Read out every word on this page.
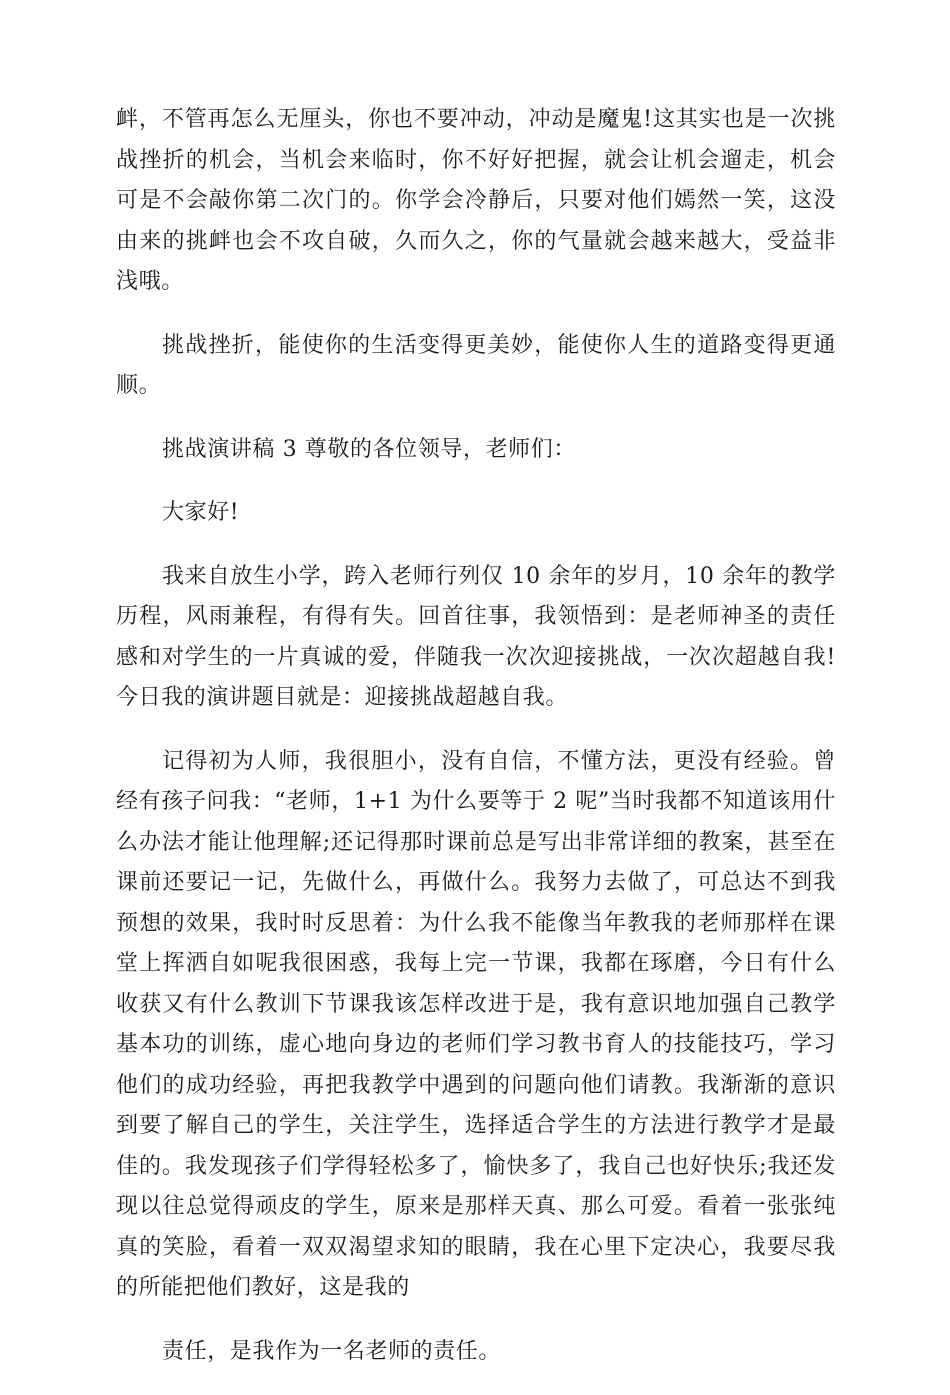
衅，不管再怎么无厘头，你也不要冲动，冲动是魔鬼!这其实也是一次挑战挫折的机会，当机会来临时，你不好好把握，就会让机会遛走，机会可是不会敲你第二次门的。你学会冷静后，只要对他们嫣然一笑，这没由来的挑衅也会不攻自破，久而久之，你的气量就会越来越大，受益非浅哦。

挑战挫折，能使你的生活变得更美妙，能使你人生的道路变得更通顺。

挑战演讲稿 3 尊敬的各位领导，老师们：

大家好!

我来自放生小学，跨入老师行列仅 10 余年的岁月，10 余年的教学历程，风雨兼程，有得有失。回首往事，我领悟到：是老师神圣的责任感和对学生的一片真诚的爱，伴随我一次次迎接挑战，一次次超越自我!今日我的演讲题目就是：迎接挑战超越自我。

记得初为人师，我很胆小，没有自信，不懂方法，更没有经验。曾经有孩子问我：“老师，1+1 为什么要等于 2 呢”当时我都不知道该用什么办法才能让他理解;还记得那时课前总是写出非常详细的教案，甚至在课前还要记一记，先做什么，再做什么。我努力去做了，可总达不到我预想的效果，我时时反思着：为什么我不能像当年教我的老师那样在课堂上挥洒自如呢我很困惑，我每上完一节课，我都在琢磨，今日有什么收获又有什么教训下节课我该怎样改进于是，我有意识地加强自己教学基本功的训练，虚心地向身边的老师们学习教书育人的技能技巧，学习他们的成功经验，再把我教学中遇到的问题向他们请教。我渐渐的意识到要了解自己的学生，关注学生，选择适合学生的方法进行教学才是最佳的。我发现孩子们学得轻松多了，愉快多了，我自己也好快乐;我还发现以往总觉得顽皮的学生，原来是那样天真、那么可爱。看着一张张纯真的笑脸，看着一双双渴望求知的眼睛，我在心里下定决心，我要尽我的所能把他们教好，这是我的

责任，是我作为一名老师的责任。
